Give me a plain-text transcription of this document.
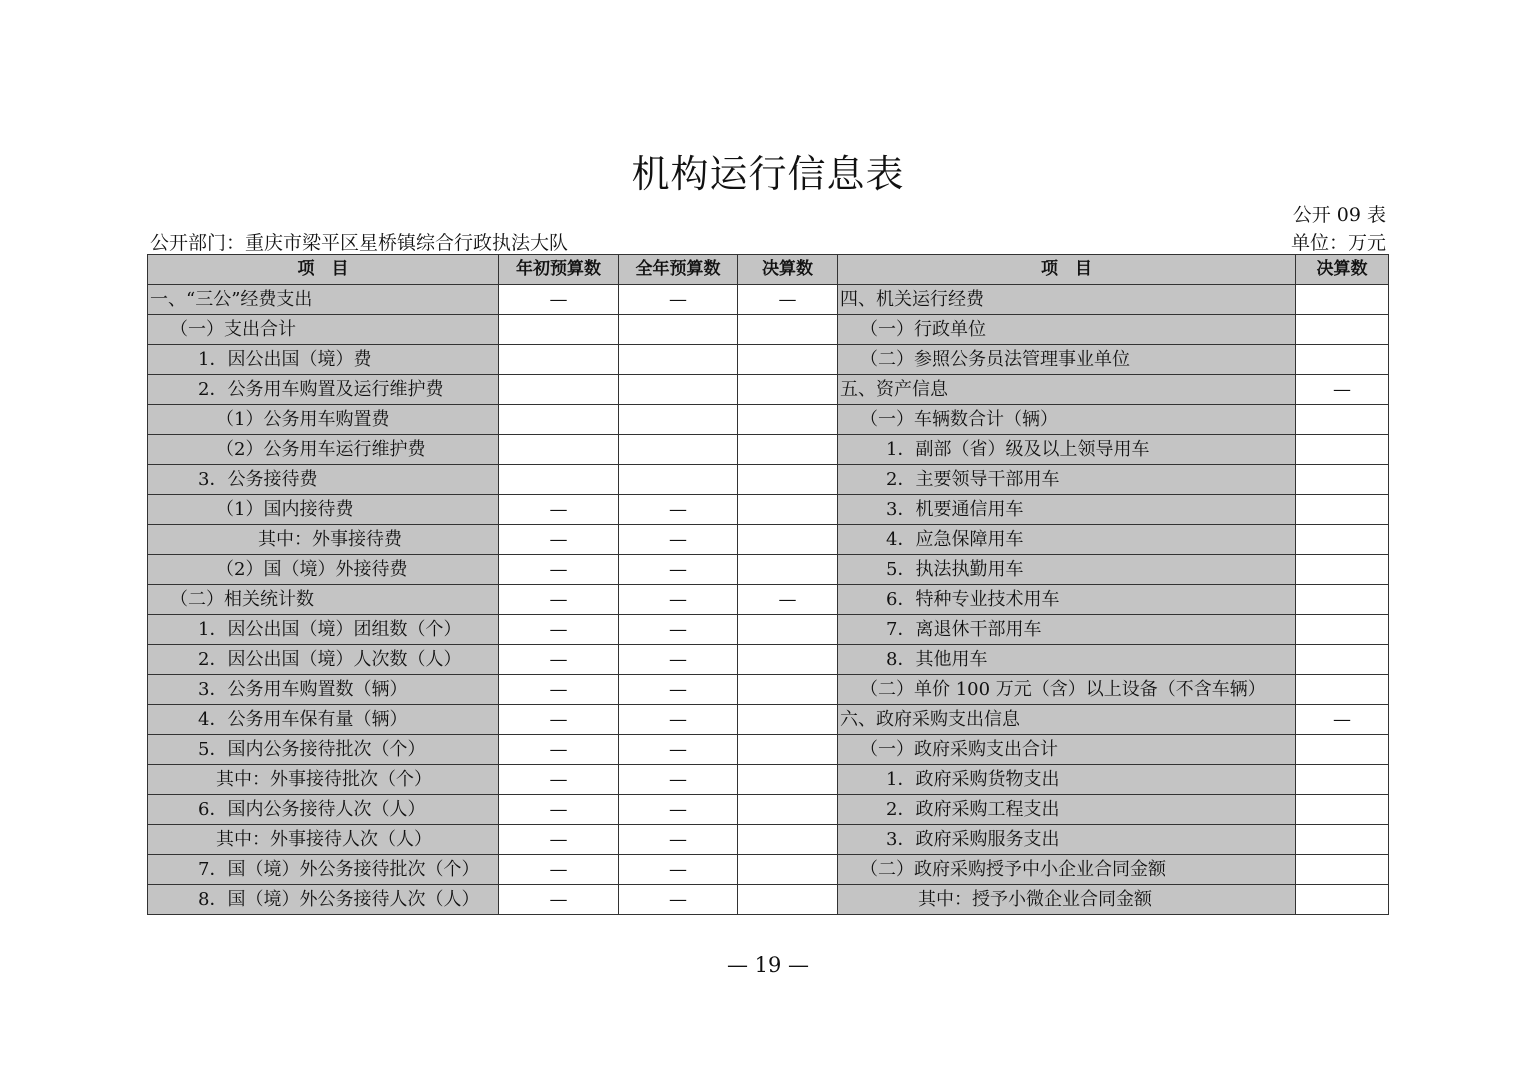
机构运行信息表
公开 09 表
公开部门：重庆市梁平区星桥镇综合行政执法大队	单位：万元
项　目	年初预算数	全年预算数	决算数	项　目	决算数
一、“三公”经费支出	—	—	—	四、机关运行经费	
（一）支出合计				（一）行政单位	
1．因公出国（境）费				（二）参照公务员法管理事业单位	
2．公务用车购置及运行维护费				五、资产信息	—
（1）公务用车购置费				（一）车辆数合计（辆）	
（2）公务用车运行维护费				1．副部（省）级及以上领导用车	
3．公务接待费				2．主要领导干部用车	
（1）国内接待费	—	—		3．机要通信用车	
其中：外事接待费	—	—		4．应急保障用车	
（2）国（境）外接待费	—	—		5．执法执勤用车	
（二）相关统计数	—	—	—	6．特种专业技术用车	
1．因公出国（境）团组数（个）	—	—		7．离退休干部用车	
2．因公出国（境）人次数（人）	—	—		8．其他用车	
3．公务用车购置数（辆）	—	—		（二）单价 100 万元（含）以上设备（不含车辆）	
4．公务用车保有量（辆）	—	—		六、政府采购支出信息	—
5．国内公务接待批次（个）	—	—		（一）政府采购支出合计	
其中：外事接待批次（个）	—	—		1．政府采购货物支出	
6．国内公务接待人次（人）	—	—		2．政府采购工程支出	
其中：外事接待人次（人）	—	—		3．政府采购服务支出	
7．国（境）外公务接待批次（个）	—	—		（二）政府采购授予中小企业合同金额	
8．国（境）外公务接待人次（人）	—	—		其中：授予小微企业合同金额	
— 19 —
